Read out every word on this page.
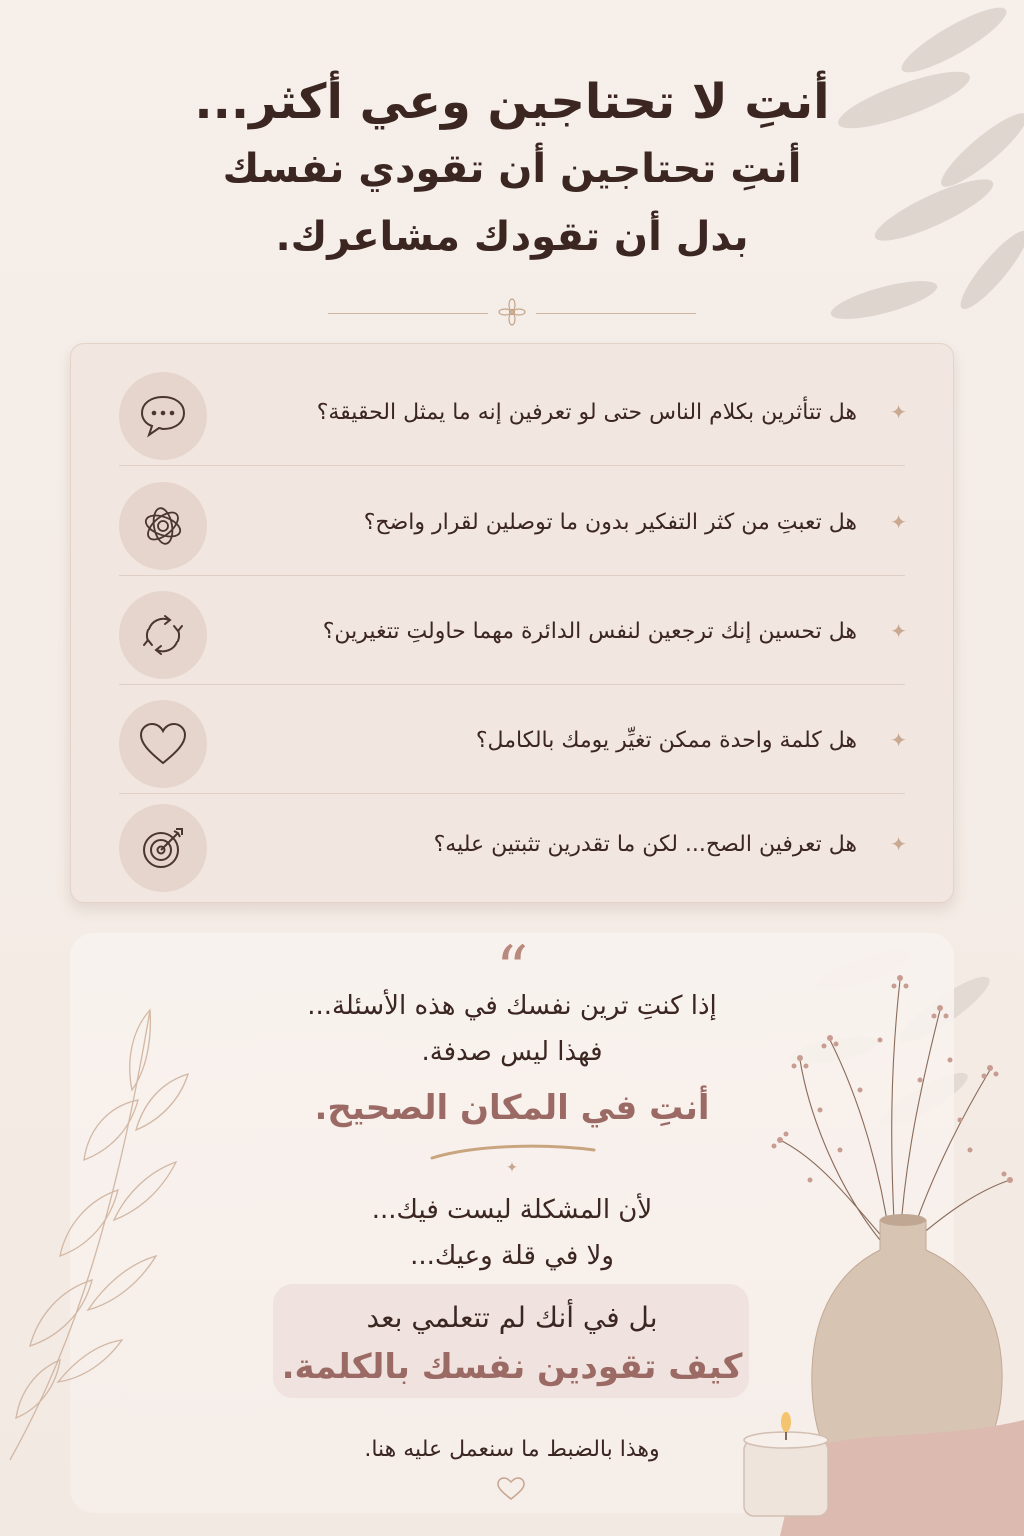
أنتِ لا تحتاجين وعي أكثر...
أنتِ تحتاجين أن تقودي نفسك
بدل أن تقودك مشاعرك.
✦
هل تتأثرين بكلام الناس حتى لو تعرفين إنه ما يمثل الحقيقة؟
✦
هل تعبتِ من كثر التفكير بدون ما توصلين لقرار واضح؟
✦
هل تحسين إنك ترجعين لنفس الدائرة مهما حاولتِ تتغيرين؟
✦
هل كلمة واحدة ممكن تغيِّر يومك بالكامل؟
✦
هل تعرفين الصح... لكن ما تقدرين تثبتين عليه؟
“
إذا كنتِ ترين نفسك في هذه الأسئلة...
فهذا ليس صدفة.
أنتِ في المكان الصحيح.
✦
لأن المشكلة ليست فيك...
ولا في قلة وعيك...
بل في أنك لم تتعلمي بعد
كيف تقودين نفسك بالكلمة.
وهذا بالضبط ما سنعمل عليه هنا.
